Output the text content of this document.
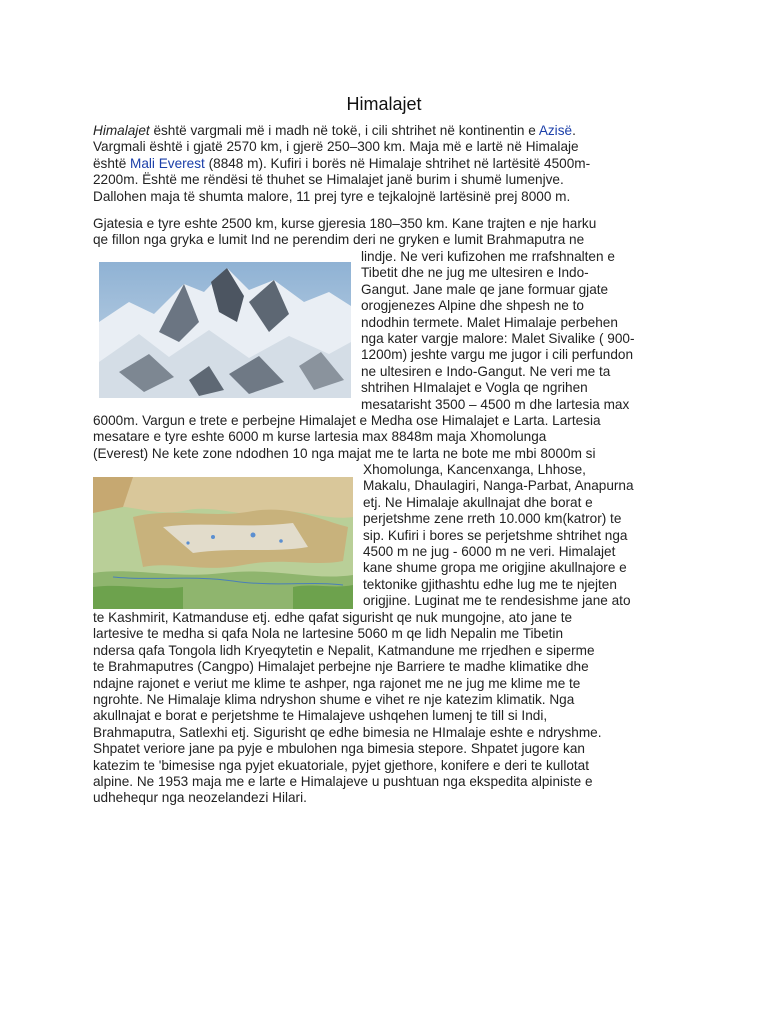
Himalajet
Himalajet është vargmali më i madh në tokë, i cili shtrihet në kontinentin e Azisë.
Vargmali është i gjatë 2570 km, i gjerë 250–300 km. Maja më e lartë në Himalaje
është Mali Everest (8848 m). Kufiri i borës në Himalaje shtrihet në lartësitë 4500m-
2200m. Është me rëndësi të thuhet se Himalajet janë burim i shumë lumenjve.
Dallohen maja të shumta malore, 11 prej tyre e tejkalojnë lartësinë prej 8000 m.
Gjatesia e tyre eshte 2500 km, kurse gjeresia 180–350 km. Kane trajten e nje harku
qe fillon nga gryka e lumit Ind ne perendim deri ne gryken e lumit Brahmaputra ne
lindje. Ne veri kufizohen me rrafshnalten e
Tibetit dhe ne jug me ultesiren e Indo-
Gangut. Jane male qe jane formuar gjate
orogjenezes Alpine dhe shpesh ne to
ndodhin termete. Malet Himalaje perbehen
nga kater vargje malore: Malet Sivalike ( 900-
1200m) jeshte vargu me jugor i cili perfundon
ne ultesiren e Indo-Gangut. Ne veri me ta
shtrihen HImalajet e Vogla qe ngrihen
mesatarisht 3500 – 4500 m dhe lartesia max
6000m. Vargun e trete e perbejne Himalajet e Medha ose Himalajet e Larta. Lartesia
mesatare e tyre eshte 6000 m kurse lartesia max 8848m maja Xhomolunga
(Everest) Ne kete zone ndodhen 10 nga majat me te larta ne bote me mbi 8000m si
Xhomolunga, Kancenxanga, Lhhose,
Makalu, Dhaulagiri, Nanga-Parbat, Anapurna
etj. Ne Himalaje akullnajat dhe borat e
perjetshme zene rreth 10.000 km(katror) te
sip. Kufiri i bores se perjetshme shtrihet nga
4500 m ne jug - 6000 m ne veri. Himalajet
kane shume gropa me origjine akullnajore e
tektonike gjithashtu edhe lug me te njejten
origjine. Luginat me te rendesishme jane ato
te Kashmirit, Katmanduse etj. edhe qafat sigurisht qe nuk mungojne, ato jane te
lartesive te medha si qafa Nola ne lartesine 5060 m qe lidh Nepalin me Tibetin
ndersa qafa Tongola lidh Kryeqytetin e Nepalit, Katmandune me rrjedhen e siperme
te Brahmaputres (Cangpo) Himalajet perbejne nje Barriere te madhe klimatike dhe
ndajne rajonet e veriut me klime te ashper, nga rajonet me ne jug me klime me te
ngrohte. Ne Himalaje klima ndryshon shume e vihet re nje katezim klimatik. Nga
akullnajat e borat e perjetshme te Himalajeve ushqehen lumenj te till si Indi,
Brahmaputra, Satlexhi etj. Sigurisht qe edhe bimesia ne HImalaje eshte e ndryshme.
Shpatet veriore jane pa pyje e mbulohen nga bimesia stepore. Shpatet jugore kan
katezim te 'bimesise nga pyjet ekuatoriale, pyjet gjethore, konifere e deri te kullotat
alpine. Ne 1953 maja me e larte e Himalajeve u pushtuan nga ekspedita alpiniste e
udhehequr nga neozelandezi Hilari.
